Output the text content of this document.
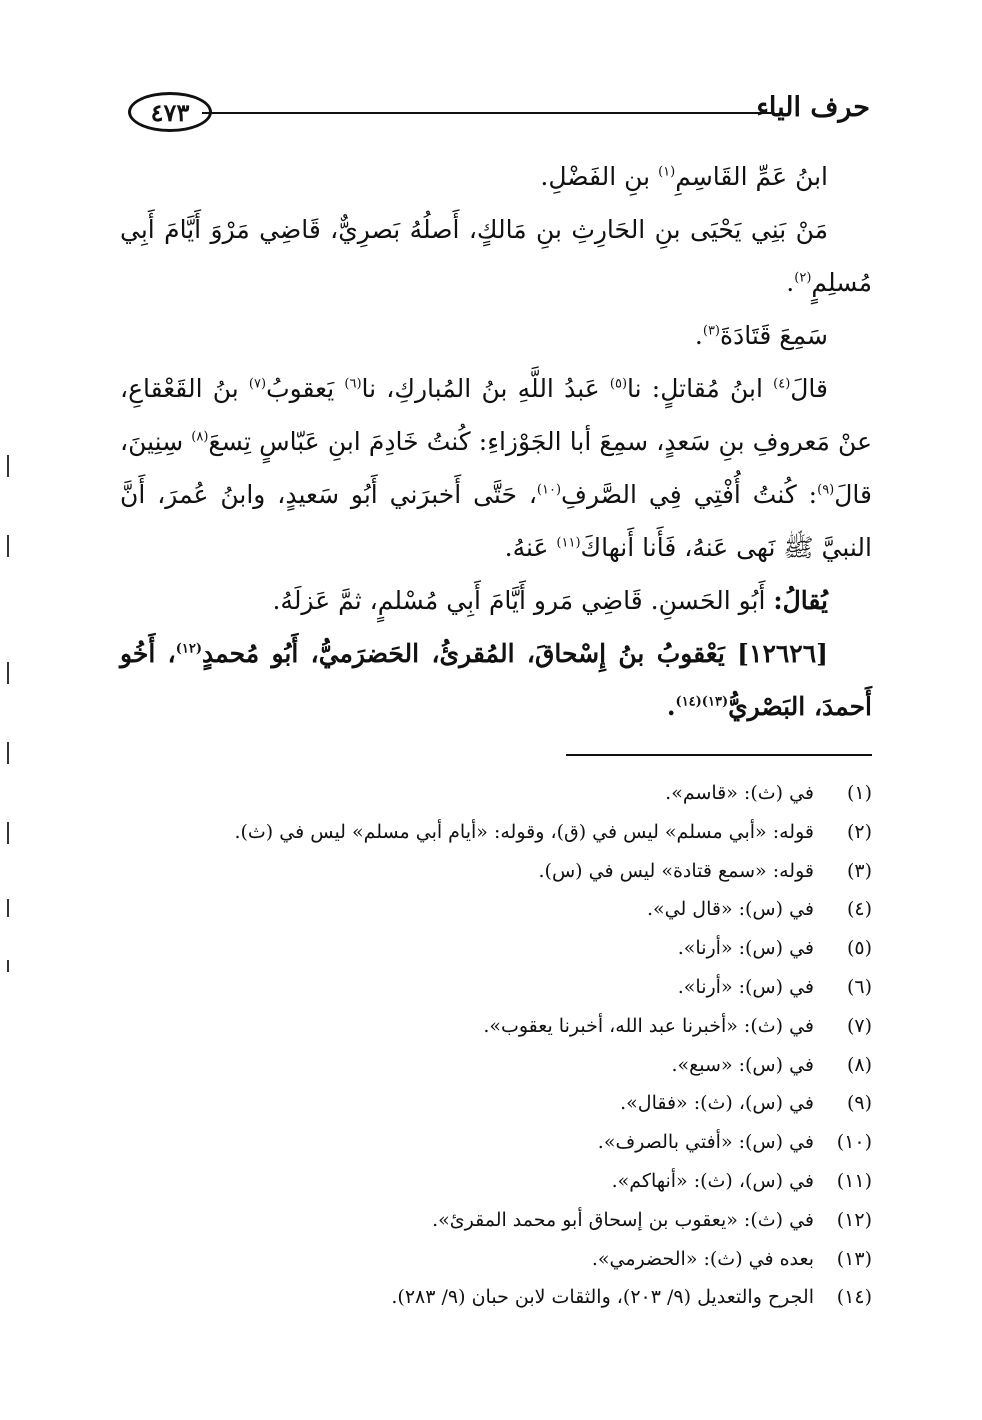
٤٧٣	حرف الياء

ابنُ عَمِّ القَاسِمِ$^{(١)}$ بنِ الفَضْلِ.

مَنْ بَنِي يَحْيَى بنِ الحَارِثِ بنِ مَالكٍ، أَصلُهُ بَصرِيٌّ، قَاضِي مَرْوَ أَيَّامَ أَبِي مُسلِمٍ$^{(٢)}$.

سَمِعَ قَتَادَةَ$^{(٣)}$.

قالَ$^{(٤)}$ ابنُ مُقاتلٍ: نا$^{(٥)}$ عَبدُ اللَّهِ بنُ المُباركِ، نا$^{(٦)}$ يَعقوبُ$^{(٧)}$ بنُ القَعْقاعِ، عنْ مَعروفِ بنِ سَعدٍ، سمِعَ أبا الجَوْزاءِ: كُنتُ خَادِمَ ابنِ عَبّاسٍ تِسعَ$^{(٨)}$ سِنِينَ، قالَ$^{(٩)}$: كُنتُ أُفْتِي فِي الصَّرفِ$^{(١٠)}$، حَتَّى أَخبرَني أَبُو سَعيدٍ، وابنُ عُمرَ، أَنَّ النبيَّ ﷺ نَهى عَنهُ، فَأَنا أَنهاكَ$^{(١١)}$ عَنهُ.

يُقالُ: أَبُو الحَسنِ. قَاضِي مَرو أَيَّامَ أَبِي مُسْلمٍ، ثمَّ عَزلَهُ.

[١٢٦٢٦] يَعْقوبُ بنُ إِسْحاقَ، المُقرئُ، الحَضرَميُّ، أَبُو مُحمدٍ$^{(١٢)}$، أَخُو أَحمدَ، البَصْريُّ$^{(١٣)(١٤)}$.

(١)
في (ث): «قاسم».
(٢)
قوله: «أبي مسلم» ليس في (ق)، وقوله: «أيام أبي مسلم» ليس في (ث).
(٣)
قوله: «سمع قتادة» ليس في (س).
(٤)
في (س): «قال لي».
(٥)
في (س): «أرنا».
(٦)
في (س): «أرنا».
(٧)
في (ث): «أخبرنا عبد الله، أخبرنا يعقوب».
(٨)
في (س): «سبع».
(٩)
في (س)، (ث): «فقال».
(١٠)
في (س): «أفتي بالصرف».
(١١)
في (س)، (ث): «أنهاكم».
(١٢)
في (ث): «يعقوب بن إسحاق أبو محمد المقرئ».
(١٣)
بعده في (ث): «الحضرمي».
(١٤)
الجرح والتعديل (٩/ ٢٠٣)، والثقات لابن حبان (٩/ ٢٨٣).
